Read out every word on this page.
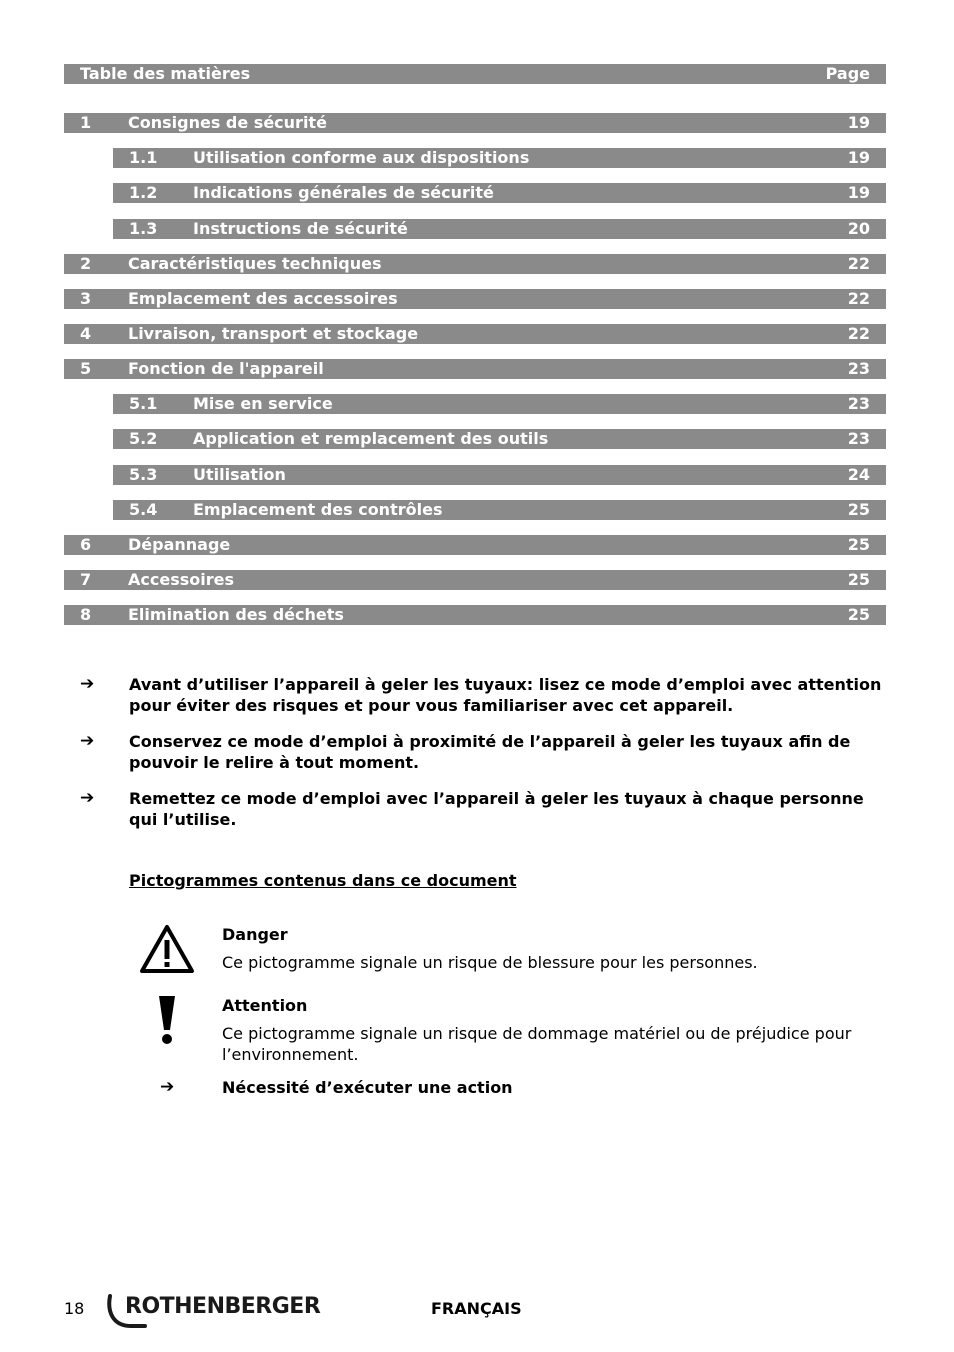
Table des matières	Page
1 Consignes de sécurité	19
1.1 Utilisation conforme aux dispositions	19
1.2 Indications générales de sécurité	19
1.3 Instructions de sécurité	20
2 Caractéristiques techniques	22
3 Emplacement des accessoires	22
4 Livraison, transport et stockage	22
5 Fonction de l'appareil	23
5.1 Mise en service	23
5.2 Application et remplacement des outils	23
5.3 Utilisation	24
5.4 Emplacement des contrôles	25
6 Dépannage	25
7 Accessoires	25
8 Elimination des déchets	25
➔ Avant d’utiliser l’appareil à geler les tuyaux: lisez ce mode d’emploi avec attention pour éviter des risques et pour vous familiariser avec cet appareil.
➔ Conservez ce mode d’emploi à proximité de l’appareil à geler les tuyaux afin de pouvoir le relire à tout moment.
➔ Remettez ce mode d’emploi avec l’appareil à geler les tuyaux à chaque personne qui l’utilise.
Pictogrammes contenus dans ce document
Danger
Ce pictogramme signale un risque de blessure pour les personnes.
Attention
Ce pictogramme signale un risque de dommage matériel ou de préjudice pour l’environnement.
➔	Nécessité d’exécuter une action
18 ROTHENBERGER	FRANÇAIS
